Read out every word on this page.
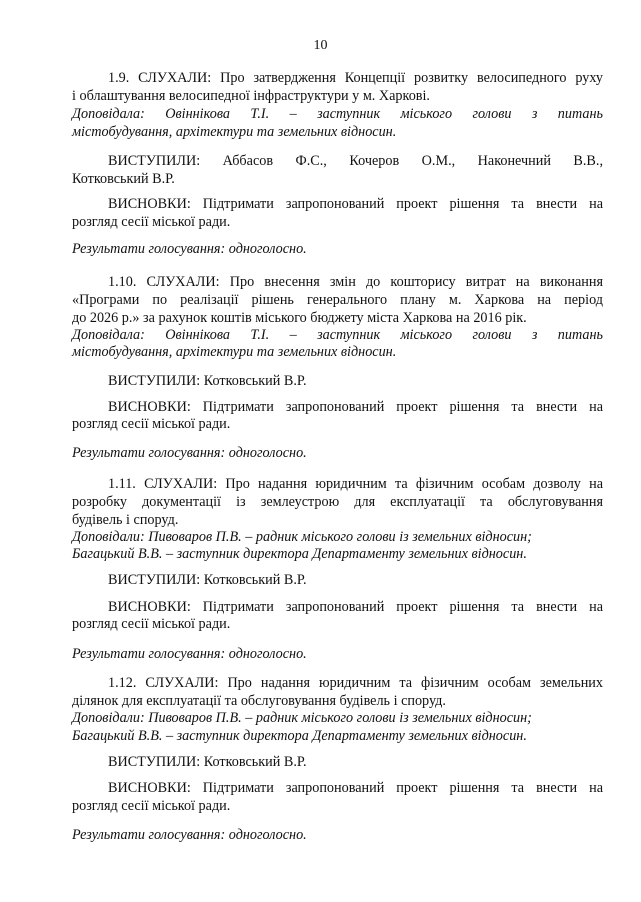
10
1.9. СЛУХАЛИ: Про затвердження Концепції розвитку велосипедного руху
і облаштування велосипедної інфраструктури у м. Харкові.
Доповідала: Овіннікова Т.І. – заступник міського голови з питань
містобудування, архітектури та земельних відносин.
ВИСТУПИЛИ: Аббасов Ф.С., Кочеров О.М., Наконечний В.В.,
Котковський В.Р.
ВИСНОВКИ: Підтримати запропонований проект рішення та внести на
розгляд сесії міської ради.
Результати голосування: одноголосно.
1.10. СЛУХАЛИ: Про внесення змін до кошторису витрат на виконання
«Програми по реалізації рішень генерального плану м. Харкова на період
до 2026 р.» за рахунок коштів міського бюджету міста Харкова на 2016 рік.
Доповідала: Овіннікова Т.І. – заступник міського голови з питань
містобудування, архітектури та земельних відносин.
ВИСТУПИЛИ: Котковський В.Р.
ВИСНОВКИ: Підтримати запропонований проект рішення та внести на
розгляд сесії міської ради.
Результати голосування: одноголосно.
1.11. СЛУХАЛИ: Про надання юридичним та фізичним особам дозволу на
розробку документації із землеустрою для експлуатації та обслуговування
будівель і споруд.
Доповідали: Пивоваров П.В. – радник міського голови із земельних відносин;
Багацький В.В. – заступник директора Департаменту земельних відносин.
ВИСТУПИЛИ: Котковський В.Р.
ВИСНОВКИ: Підтримати запропонований проект рішення та внести на
розгляд сесії міської ради.
Результати голосування: одноголосно.
1.12. СЛУХАЛИ: Про надання юридичним та фізичним особам земельних
ділянок для експлуатації та обслуговування будівель і споруд.
Доповідали: Пивоваров П.В. – радник міського голови із земельних відносин;
Багацький В.В. – заступник директора Департаменту земельних відносин.
ВИСТУПИЛИ: Котковський В.Р.
ВИСНОВКИ: Підтримати запропонований проект рішення та внести на
розгляд сесії міської ради.
Результати голосування: одноголосно.
